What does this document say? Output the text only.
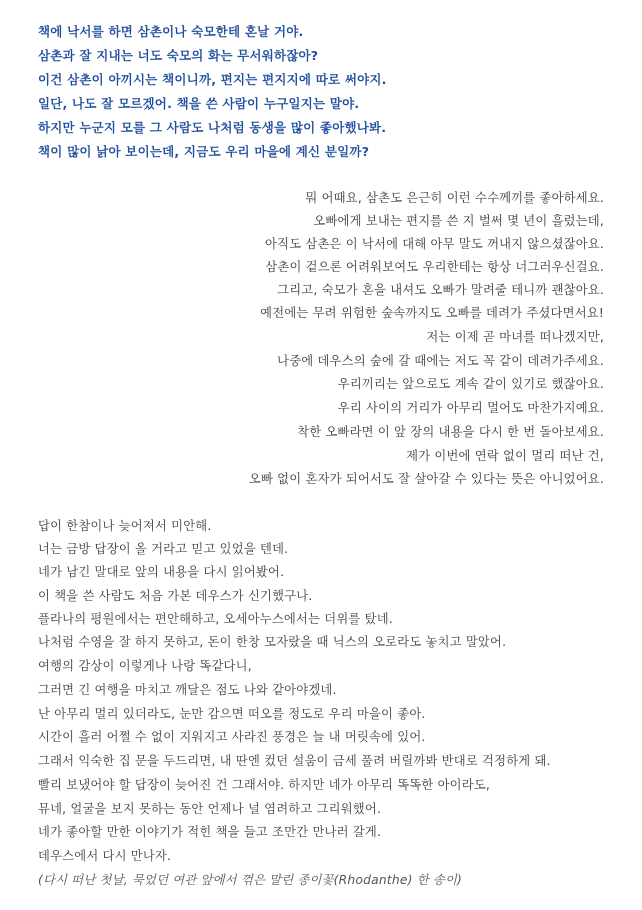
책에 낙서를 하면 삼촌이나 숙모한테 혼날 거야.
삼촌과 잘 지내는 너도 숙모의 화는 무서워하잖아?
이건 삼촌이 아끼시는 책이니까, 편지는 편지지에 따로 써야지.
일단, 나도 잘 모르겠어. 책을 쓴 사람이 누구일지는 말야.
하지만 누군지 모를 그 사람도 나처럼 동생을 많이 좋아했나봐.
책이 많이 낡아 보이는데, 지금도 우리 마을에 계신 분일까?
뭐 어때요, 삼촌도 은근히 이런 수수께끼를 좋아하세요.
오빠에게 보내는 편지를 쓴 지 벌써 몇 년이 흘렀는데,
아직도 삼촌은 이 낙서에 대해 아무 말도 꺼내지 않으셨잖아요.
삼촌이 겉으론 어려워보여도 우리한테는 항상 너그러우신걸요.
그리고, 숙모가 혼을 내셔도 오빠가 말려줄 테니까 괜찮아요.
예전에는 무려 위험한 숲속까지도 오빠를 데려가 주셨다면서요!
저는 이제 곧 마녀를 떠나겠지만,
나중에 데우스의 숲에 갈 때에는 저도 꼭 같이 데려가주세요.
우리끼리는 앞으로도 계속 같이 있기로 했잖아요.
우리 사이의 거리가 아무리 멀어도 마찬가지예요.
착한 오빠라면 이 앞 장의 내용을 다시 한 번 돌아보세요.
제가 이번에 연락 없이 멀리 떠난 건,
오빠 없이 혼자가 되어서도 잘 살아갈 수 있다는 뜻은 아니었어요.
답이 한참이나 늦어져서 미안해.
너는 금방 답장이 올 거라고 믿고 있었을 텐데.
네가 남긴 말대로 앞의 내용을 다시 읽어봤어.
이 책을 쓴 사람도 처음 가본 데우스가 신기했구나.
플라나의 평원에서는 편안해하고, 오세아누스에서는 더위를 탔네.
나처럼 수영을 잘 하지 못하고, 돈이 한창 모자랐을 때 닉스의 오로라도 놓치고 말았어.
여행의 감상이 이렇게나 나랑 똑같다니,
그러면 긴 여행을 마치고 깨달은 점도 나와 같아야겠네.
난 아무리 멀리 있더라도, 눈만 감으면 떠오를 정도로 우리 마을이 좋아.
시간이 흘러 어쩔 수 없이 지워지고 사라진 풍경은 늘 내 머릿속에 있어.
그래서 익숙한 집 문을 두드리면, 내 딴엔 컸던 설움이 금세 풀려 버릴까봐 반대로 걱정하게 돼.
빨리 보냈어야 할 답장이 늦어진 건 그래서야. 하지만 네가 아무리 똑똑한 아이라도,
뮤네, 얼굴을 보지 못하는 동안 언제나 널 염려하고 그리워했어.
네가 좋아할 만한 이야기가 적힌 책을 들고 조만간 만나러 갈게.
데우스에서 다시 만나자.
(다시 떠난 첫날, 묵었던 여관 앞에서 꺾은 말린 종이꽃(Rhodanthe) 한 송이)
